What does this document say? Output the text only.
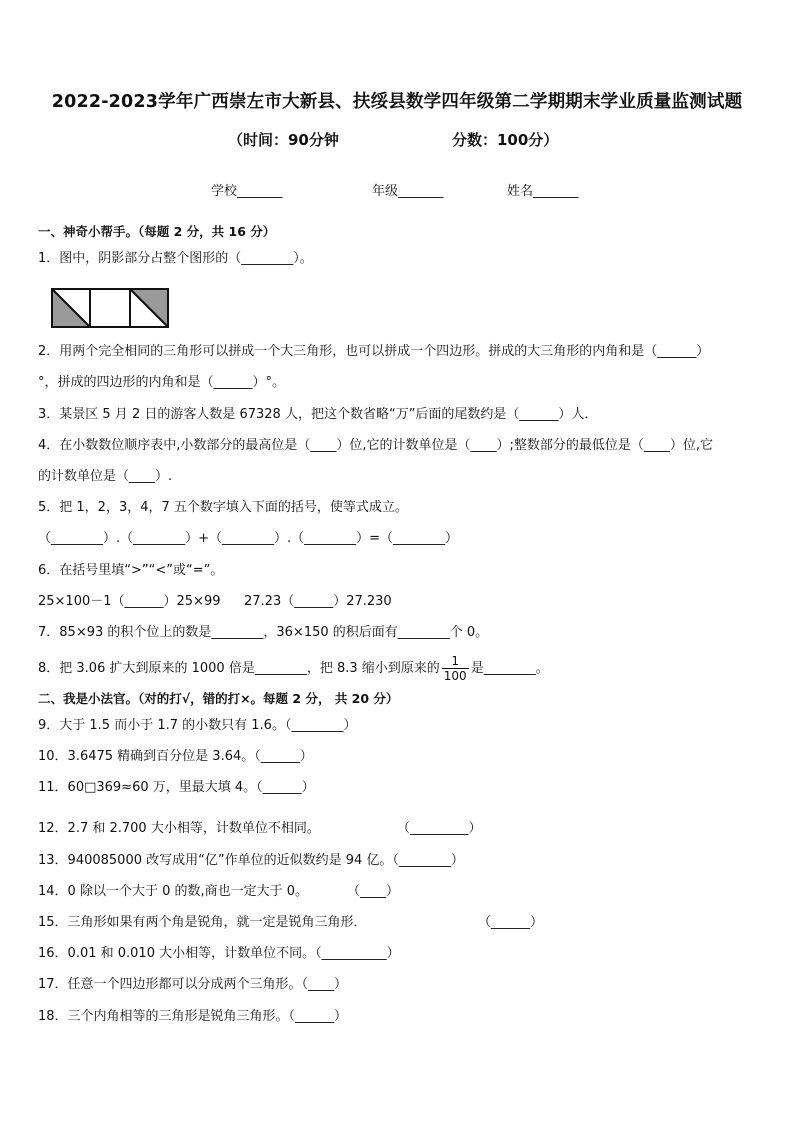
2022-2023学年广西崇左市大新县、扶绥县数学四年级第二学期期末学业质量监测试题
（时间：90分钟	分数：100分）
学校_______	年级_______	姓名_______
一、神奇小帮手。（每题 2 分，共 16 分）
1．图中，阴影部分占整个图形的（________）。
2．用两个完全相同的三角形可以拼成一个大三角形，也可以拼成一个四边形。拼成的大三角形的内角和是（______）
°，拼成的四边形的内角和是（______）°。
3．某景区 5 月 2 日的游客人数是 67328 人，把这个数省略“万”后面的尾数约是（______）人．
4．在小数数位顺序表中,小数部分的最高位是（____）位,它的计数单位是（____）;整数部分的最低位是（____）位,它
的计数单位是（____）.
5．把 1，2，3，4，7 五个数字填入下面的括号，使等式成立。
（________）.（________）+（________）.（________）=（________）
6．在括号里填“>”“<”或“=”。
25×100－1（______）25×99 27.23（______）27.230
7．85×93 的积个位上的数是________，36×150 的积后面有________个 0。
8．把 3.06 扩大到原来的 1000 倍是________，把 8.3 缩小到原来的 $\frac{1}{100}$ 是________。
二、我是小法官。（对的打√，错的打×。每题 2 分， 共 20 分）
9．大于 1.5 而小于 1.7 的小数只有 1.6。（________）
10．3.6475 精确到百分位是 3.64。（______）
11．60□369≈60 万，里最大填 4。（______）
12．2.7 和 2.700 大小相等，计数单位不相同。	（_________）
13．940085000 改写成用“亿”作单位的近似数约是 94 亿。（________）
14．0 除以一个大于 0 的数,商也一定大于 0。	（____）
15．三角形如果有两个角是锐角，就一定是锐角三角形．	（______）
16．0.01 和 0.010 大小相等，计数单位不同。（__________）
17．任意一个四边形都可以分成两个三角形。（____）
18．三个内角相等的三角形是锐角三角形。（______）
